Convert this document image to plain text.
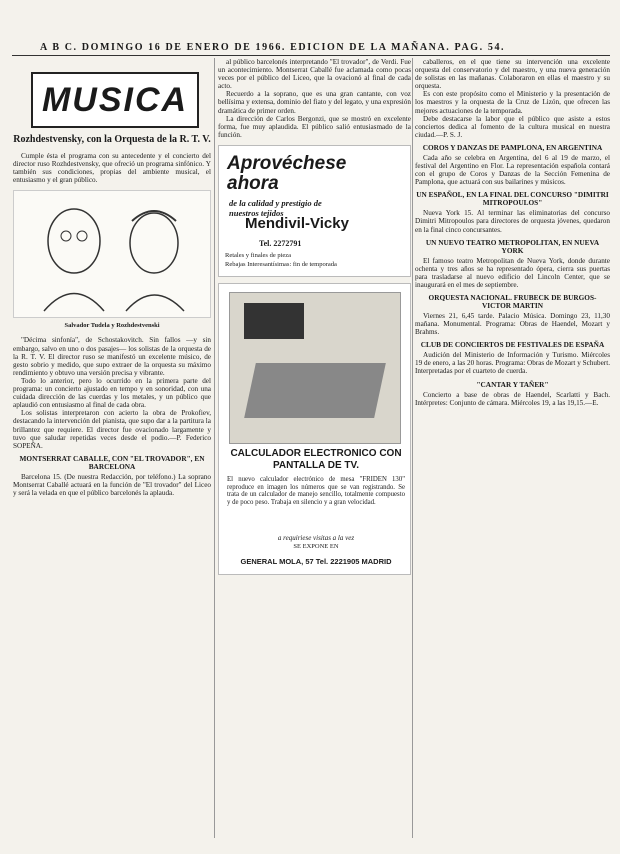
A B C. DOMINGO 16 DE ENERO DE 1966. EDICION DE LA MAÑANA. PAG. 54.
MUSICA
Rozhdestvensky, con la Orquesta de la R. T. V.

Cumple ésta el programa con su antecedente y el concierto del director ruso Rozhdestvensky, que ofreció un programa sinfónico. Y también sus condiciones, propias del ambiente musical, el entusiasmo y el gran público.

Salvador Tudela y Rozhdestvenski

"Décima sinfonía", de Schostakovitch. Sin fallos —y sin embargo, salvo en uno o dos pasajes— los solistas de la orquesta de la R. T. V. El director ruso se manifestó un excelente músico, de gesto sobrio y medido, que supo extraer de la orquesta su máximo rendimiento y obtuvo una versión precisa y vibrante.

Todo lo anterior, pero lo ocurrido en la primera parte del programa: un concierto ajustado en tempo y en sonoridad, con una cuidada dirección de las cuerdas y los metales, y un público que aplaudió con entusiasmo al final de cada obra.

Los solistas interpretaron con acierto la obra de Prokofiev, destacando la intervención del pianista, que supo dar a la partitura la brillantez que requiere. El director fue ovacionado largamente y tuvo que saludar repetidas veces desde el podio.—P. Federico SOPEÑA.

MONTSERRAT CABALLE, CON "EL TROVADOR", EN BARCELONA

Barcelona 15. (De nuestra Redacción, por teléfono.) La soprano Montserrat Caballé actuará en la función de "El trovador" del Liceo y será la velada en que el público barcelonés la aplauda.

al público barcelonés interpretando "El trovador", de Verdi. Fue un acontecimiento. Montserrat Caballé fue aclamada como pocas veces por el público del Liceo, que la ovacionó al final de cada acto.

Recuerdo a la soprano, que es una gran cantante, con voz bellísima y extensa, dominio del fiato y del legato, y una expresión dramática de primer orden.

La dirección de Carlos Bergonzi, que se mostró en excelente forma, fue muy aplaudida. El público salió entusiasmado de la función.

Aprovéchese
ahora
de la calidad y prestigio de
nuestros tejidos
Mendivil-Vicky
Tel. 2272791
Retales y finales de pieza
Rebajas Interesantísimas: fin de temporada
CALCULADOR ELECTRONICO CON PANTALLA DE TV.
El nuevo calculador electrónico de mesa "FRIDEN 130" reproduce en imagen los números que se van registrando. Se trata de un calculador de manejo sencillo, totalmente compuesto y de poco peso. Trabaja en silencio y a gran velocidad.
a requiriese visitas a la vez
SE EXPONE EN
GENERAL MOLA, 57 Tel. 2221905 MADRID

caballeros, en el que tiene su intervención una excelente orquesta del conservatorio y del maestro, y una nueva generación de solistas en las mañanas. Colaboraron en ellas el maestro y su orquesta.

Es con este propósito como el Ministerio y la presentación de los maestros y la orquesta de la Cruz de Lizón, que ofrecen las mejores actuaciones de la temporada.

Debe destacarse la labor que el público que asiste a estos conciertos dedica al fomento de la cultura musical en nuestra ciudad.—P. S. J.

COROS Y DANZAS DE PAMPLONA, EN ARGENTINA

Cada año se celebra en Argentina, del 6 al 19 de marzo, el festival del Argentino en Flor. La representación española contará con el grupo de Coros y Danzas de la Sección Femenina de Pamplona, que actuará con sus bailarines y músicos.

UN ESPAÑOL, EN LA FINAL DEL CONCURSO "DIMITRI MITROPOULOS"

Nueva York 15. Al terminar las eliminatorias del concurso Dimitri Mitropoulos para directores de orquesta jóvenes, quedaron en la final cinco concursantes.

UN NUEVO TEATRO METROPOLITAN, EN NUEVA YORK

El famoso teatro Metropolitan de Nueva York, donde durante ochenta y tres años se ha representado ópera, cierra sus puertas para trasladarse al nuevo edificio del Lincoln Center, que se inaugurará en el mes de septiembre.

ORQUESTA NACIONAL. FRUBECK DE BURGOS-VICTOR MARTIN

Viernes 21, 6,45 tarde. Palacio Música. Domingo 23, 11,30 mañana. Monumental. Programa: Obras de Haendel, Mozart y Brahms.

CLUB DE CONCIERTOS DE FESTIVALES DE ESPAÑA

Audición del Ministerio de Información y Turismo. Miércoles 19 de enero, a las 20 horas. Programa: Obras de Mozart y Schubert. Interpretadas por el cuarteto de cuerda.

"CANTAR Y TAÑER"

Concierto a base de obras de Haendel, Scarlatti y Bach. Intérpretes: Conjunto de cámara. Miércoles 19, a las 19,15.—E.
